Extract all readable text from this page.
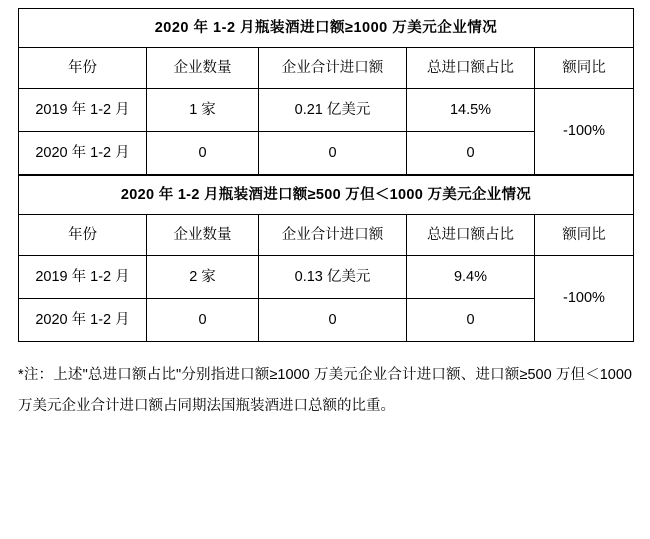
2020 年 1-2 月瓶装酒进口额≥1000 万美元企业情况				
年份	企业数量	企业合计进口额	总进口额占比	额同比
2019 年 1-2 月	1 家	0.21 亿美元	14.5%	-100%
2020 年 1-2 月	0	0	0	
2020 年 1-2 月瓶装酒进口额≥500 万但＜1000 万美元企业情况				
年份	企业数量	企业合计进口额	总进口额占比	额同比
2019 年 1-2 月	2 家	0.13 亿美元	9.4%	-100%
2020 年 1-2 月	0	0	0	
*注：上述"总进口额占比"分别指进口额≥1000 万美元企业合计进口额、进口额≥500 万但＜1000 万美元企业合计进口额占同期法国瓶装酒进口总额的比重。
